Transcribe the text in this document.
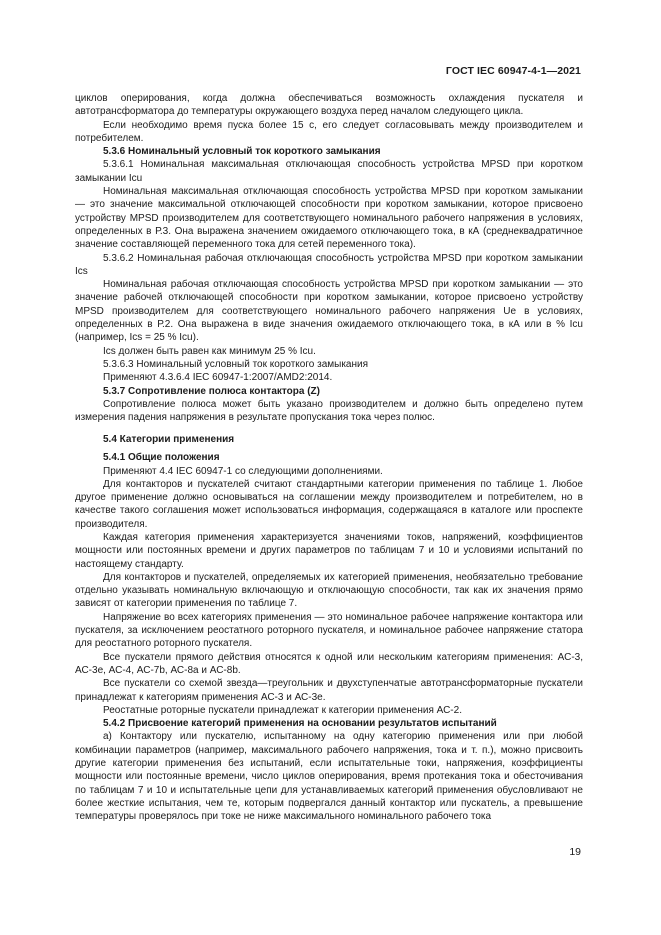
ГОСТ IEC 60947-4-1—2021

циклов оперирования, когда должна обеспечиваться возможность охлаждения пускателя и автотрансформатора до температуры окружающего воздуха перед началом следующего цикла.

Если необходимо время пуска более 15 с, его следует согласовывать между производителем и потребителем.

5.3.6 Номинальный условный ток короткого замыкания

5.3.6.1 Номинальная максимальная отключающая способность устройства MPSD при коротком замыкании Icu

Номинальная максимальная отключающая способность устройства MPSD при коротком замыкании — это значение максимальной отключающей способности при коротком замыкании, которое присвоено устройству MPSD производителем для соответствующего номинального рабочего напряжения в условиях, определенных в Р.3. Она выражена значением ожидаемого отключающего тока, в кА (среднеквадратичное значение составляющей переменного тока для сетей переменного тока).

5.3.6.2 Номинальная рабочая отключающая способность устройства MPSD при коротком замыкании Ics

Номинальная рабочая отключающая способность устройства MPSD при коротком замыкании — это значение рабочей отключающей способности при коротком замыкании, которое присвоено устройству MPSD производителем для соответствующего номинального рабочего напряжения Ue в условиях, определенных в Р.2. Она выражена в виде значения ожидаемого отключающего тока, в кА или в % Icu (например, Ics = 25 % Icu).

Ics должен быть равен как минимум 25 % Icu.

5.3.6.3 Номинальный условный ток короткого замыкания

Применяют 4.3.6.4 IEC 60947-1:2007/AMD2:2014.

5.3.7 Сопротивление полюса контактора (Z)

Сопротивление полюса может быть указано производителем и должно быть определено путем измерения падения напряжения в результате пропускания тока через полюс.

5.4 Категории применения

5.4.1 Общие положения

Применяют 4.4 IEC 60947-1 со следующими дополнениями.

Для контакторов и пускателей считают стандартными категории применения по таблице 1. Любое другое применение должно основываться на соглашении между производителем и потребителем, но в качестве такого соглашения может использоваться информация, содержащаяся в каталоге или проспекте производителя.

Каждая категория применения характеризуется значениями токов, напряжений, коэффициентов мощности или постоянных времени и других параметров по таблицам 7 и 10 и условиями испытаний по настоящему стандарту.

Для контакторов и пускателей, определяемых их категорией применения, необязательно требование отдельно указывать номинальную включающую и отключающую способности, так как их значения прямо зависят от категории применения по таблице 7.

Напряжение во всех категориях применения — это номинальное рабочее напряжение контактора или пускателя, за исключением реостатного роторного пускателя, и номинальное рабочее напряжение статора для реостатного роторного пускателя.

Все пускатели прямого действия относятся к одной или нескольким категориям применения: АС-3, АС-3е, АС-4, АС-7b, АС-8а и АС-8b.

Все пускатели со схемой звезда—треугольник и двухступенчатые автотрансформаторные пускатели принадлежат к категориям применения АС-3 и АС-3е.

Реостатные роторные пускатели принадлежат к категории применения АС-2.

5.4.2 Присвоение категорий применения на основании результатов испытаний

а) Контактору или пускателю, испытанному на одну категорию применения или при любой комбинации параметров (например, максимального рабочего напряжения, тока и т. п.), можно присвоить другие категории применения без испытаний, если испытательные токи, напряжения, коэффициенты мощности или постоянные времени, число циклов оперирования, время протекания тока и обесточивания по таблицам 7 и 10 и испытательные цепи для устанавливаемых категорий применения обусловливают не более жесткие испытания, чем те, которым подвергался данный контактор или пускатель, а превышение температуры проверялось при токе не ниже максимального номинального рабочего тока

19
